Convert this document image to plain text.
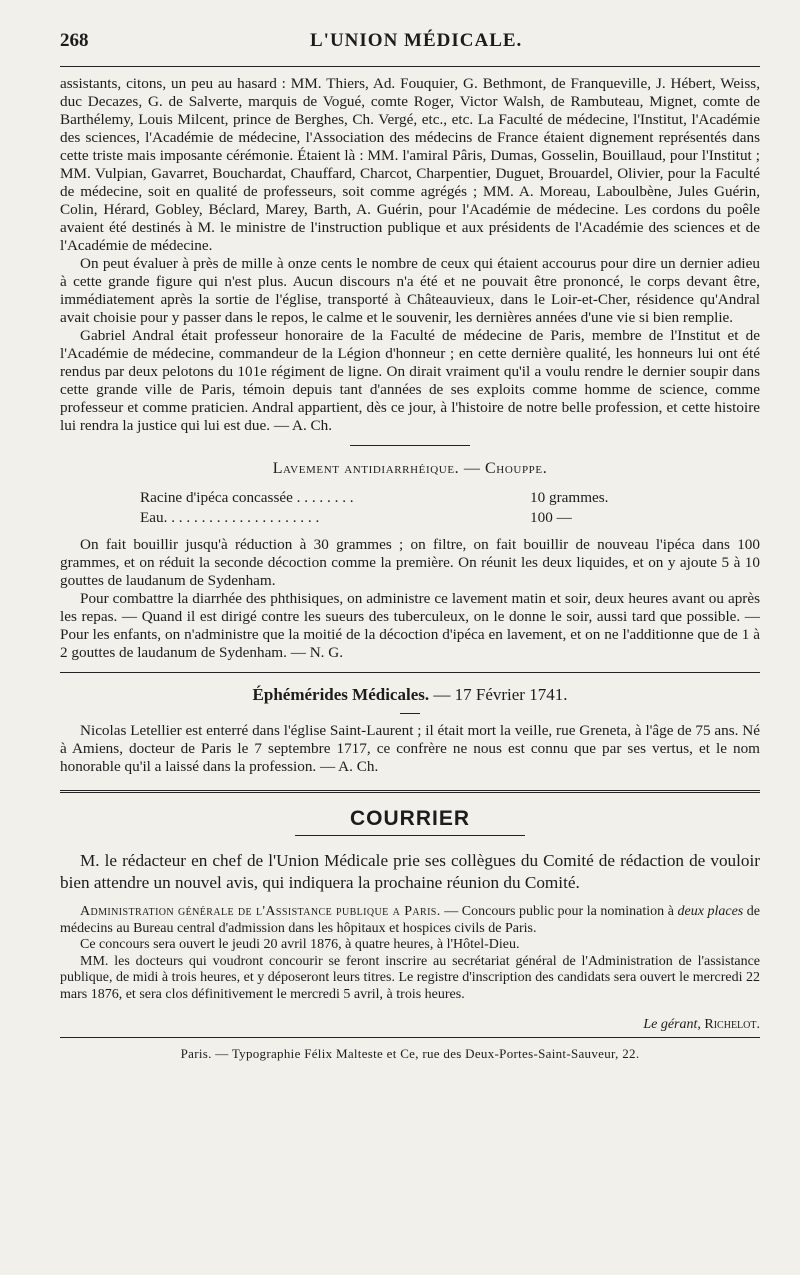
268	L'UNION MÉDICALE.

assistants, citons, un peu au hasard : MM. Thiers, Ad. Fouquier, G. Bethmont, de Franqueville, J. Hébert, Weiss, duc Decazes, G. de Salverte, marquis de Vogué, comte Roger, Victor Walsh, de Rambuteau, Mignet, comte de Barthélemy, Louis Milcent, prince de Berghes, Ch. Vergé, etc., etc. La Faculté de médecine, l'Institut, l'Académie des sciences, l'Académie de médecine, l'Association des médecins de France étaient dignement représentés dans cette triste mais imposante cérémonie. Étaient là : MM. l'amiral Pâris, Dumas, Gosselin, Bouillaud, pour l'Institut ; MM. Vulpian, Gavarret, Bouchardat, Chauffard, Charcot, Charpentier, Duguet, Brouardel, Olivier, pour la Faculté de médecine, soit en qualité de professeurs, soit comme agrégés ; MM. A. Moreau, Laboulbène, Jules Guérin, Colin, Hérard, Gobley, Béclard, Marey, Barth, A. Guérin, pour l'Académie de médecine. Les cordons du poêle avaient été destinés à M. le ministre de l'instruction publique et aux présidents de l'Académie des sciences et de l'Académie de médecine.

On peut évaluer à près de mille à onze cents le nombre de ceux qui étaient accourus pour dire un dernier adieu à cette grande figure qui n'est plus. Aucun discours n'a été et ne pouvait être prononcé, le corps devant être, immédiatement après la sortie de l'église, transporté à Châteauvieux, dans le Loir-et-Cher, résidence qu'Andral avait choisie pour y passer dans le repos, le calme et le souvenir, les dernières années d'une vie si bien remplie.

Gabriel Andral était professeur honoraire de la Faculté de médecine de Paris, membre de l'Institut et de l'Académie de médecine, commandeur de la Légion d'honneur ; en cette dernière qualité, les honneurs lui ont été rendus par deux pelotons du 101e régiment de ligne. On dirait vraiment qu'il a voulu rendre le dernier soupir dans cette grande ville de Paris, témoin depuis tant d'années de ses exploits comme homme de science, comme professeur et comme praticien. Andral appartient, dès ce jour, à l'histoire de notre belle profession, et cette histoire lui rendra la justice qui lui est due. — A. Ch.

Lavement antidiarrhéique. — Chouppe.
Racine d'ipéca concassée . . . . . . . .	10 grammes.
Eau. . . . . . . . . . . . . . . . . . . . .	100 —

On fait bouillir jusqu'à réduction à 30 grammes ; on filtre, on fait bouillir de nouveau l'ipéca dans 100 grammes, et on réduit la seconde décoction comme la première. On réunit les deux liquides, et on y ajoute 5 à 10 gouttes de laudanum de Sydenham.

Pour combattre la diarrhée des phthisiques, on administre ce lavement matin et soir, deux heures avant ou après les repas. — Quand il est dirigé contre les sueurs des tuberculeux, on le donne le soir, aussi tard que possible. — Pour les enfants, on n'administre que la moitié de la décoction d'ipéca en lavement, et on ne l'additionne que de 1 à 2 gouttes de laudanum de Sydenham. — N. G.

Éphémérides Médicales. — 17 Février 1741.

Nicolas Letellier est enterré dans l'église Saint-Laurent ; il était mort la veille, rue Greneta, à l'âge de 75 ans. Né à Amiens, docteur de Paris le 7 septembre 1717, ce confrère ne nous est connu que par ses vertus, et le nom honorable qu'il a laissé dans la profession. — A. Ch.

COURRIER

M. le rédacteur en chef de l'Union Médicale prie ses collègues du Comité de rédaction de vouloir bien attendre un nouvel avis, qui indiquera la prochaine réunion du Comité.

Administration générale de l'Assistance publique a Paris. — Concours public pour la nomination à deux places de médecins au Bureau central d'admission dans les hôpitaux et hospices civils de Paris.

Ce concours sera ouvert le jeudi 20 avril 1876, à quatre heures, à l'Hôtel-Dieu.

MM. les docteurs qui voudront concourir se feront inscrire au secrétariat général de l'Administration de l'assistance publique, de midi à trois heures, et y déposeront leurs titres. Le registre d'inscription des candidats sera ouvert le mercredi 22 mars 1876, et sera clos définitivement le mercredi 5 avril, à trois heures.

Le gérant, Richelot.
Paris. — Typographie Félix Malteste et Ce, rue des Deux-Portes-Saint-Sauveur, 22.
